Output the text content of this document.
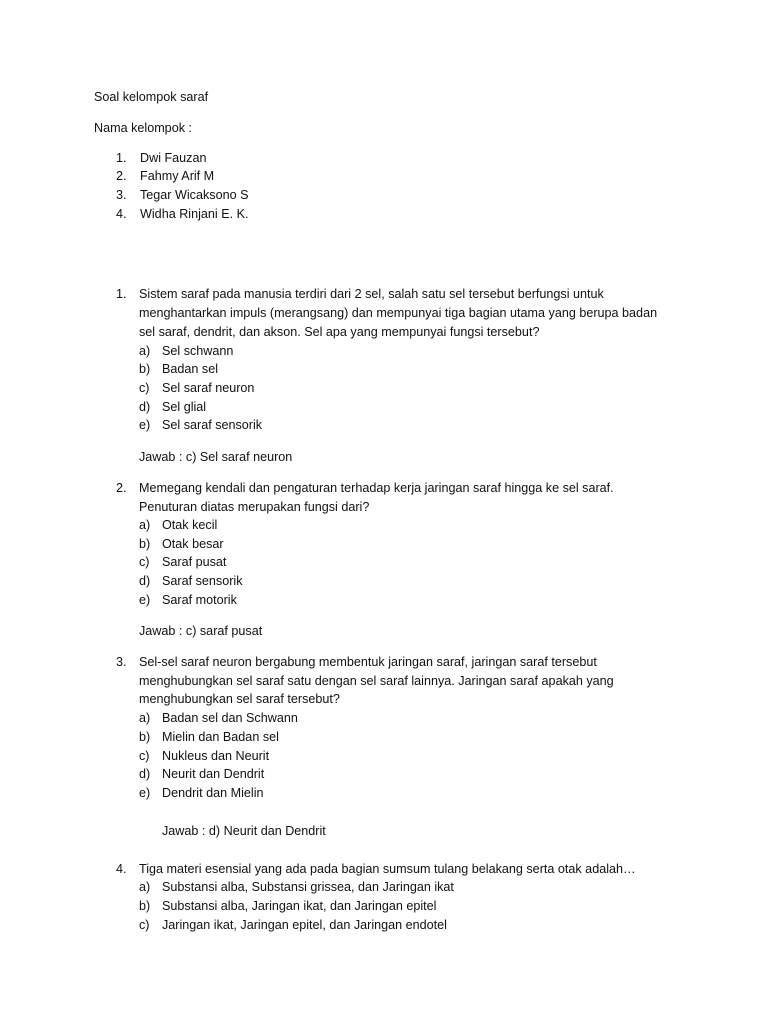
Soal kelompok saraf
Nama kelompok :
1. Dwi Fauzan
2. Fahmy Arif M
3. Tegar Wicaksono S
4. Widha Rinjani E. K.
1. Sistem saraf pada manusia terdiri dari 2 sel, salah satu sel tersebut berfungsi untuk
menghantarkan impuls (merangsang) dan mempunyai tiga bagian utama yang berupa badan
sel saraf, dendrit, dan akson. Sel apa yang mempunyai fungsi tersebut?
a) Sel schwann
b) Badan sel
c) Sel saraf neuron
d) Sel glial
e) Sel saraf sensorik
Jawab : c) Sel saraf neuron
2. Memegang kendali dan pengaturan terhadap kerja jaringan saraf hingga ke sel saraf.
Penuturan diatas merupakan fungsi dari?
a) Otak kecil
b) Otak besar
c) Saraf pusat
d) Saraf sensorik
e) Saraf motorik
Jawab : c) saraf pusat
3. Sel-sel saraf neuron bergabung membentuk jaringan saraf, jaringan saraf tersebut
menghubungkan sel saraf satu dengan sel saraf lainnya. Jaringan saraf apakah yang
menghubungkan sel saraf tersebut?
a) Badan sel dan Schwann
b) Mielin dan Badan sel
c) Nukleus dan Neurit
d) Neurit dan Dendrit
e) Dendrit dan Mielin
Jawab : d) Neurit dan Dendrit
4. Tiga materi esensial yang ada pada bagian sumsum tulang belakang serta otak adalah…
a) Substansi alba, Substansi grissea, dan Jaringan ikat
b) Substansi alba, Jaringan ikat, dan Jaringan epitel
c) Jaringan ikat, Jaringan epitel, dan Jaringan endotel
